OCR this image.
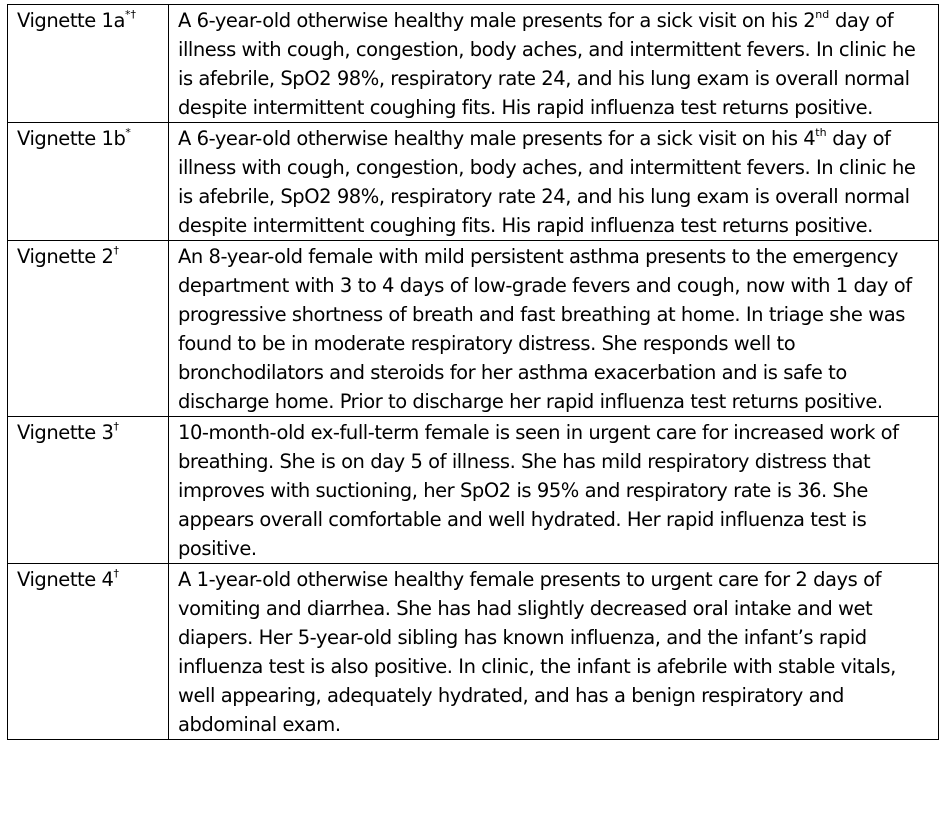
Vignette 1a*†	A 6-year-old otherwise healthy male presents for a sick visit on his 2nd day of illness with cough, congestion, body aches, and intermittent fevers. In clinic he is afebrile, SpO2 98%, respiratory rate 24, and his lung exam is overall normal despite intermittent coughing fits. His rapid influenza test returns positive.
Vignette 1b*	A 6-year-old otherwise healthy male presents for a sick visit on his 4th day of illness with cough, congestion, body aches, and intermittent fevers. In clinic he is afebrile, SpO2 98%, respiratory rate 24, and his lung exam is overall normal despite intermittent coughing fits. His rapid influenza test returns positive.
Vignette 2†	An 8-year-old female with mild persistent asthma presents to the emergency department with 3 to 4 days of low-grade fevers and cough, now with 1 day of progressive shortness of breath and fast breathing at home. In triage she was found to be in moderate respiratory distress. She responds well to bronchodilators and steroids for her asthma exacerbation and is safe to discharge home. Prior to discharge her rapid influenza test returns positive.
Vignette 3†	10-month-old ex-full-term female is seen in urgent care for increased work of breathing. She is on day 5 of illness. She has mild respiratory distress that improves with suctioning, her SpO2 is 95% and respiratory rate is 36. She appears overall comfortable and well hydrated. Her rapid influenza test is positive.
Vignette 4†	A 1-year-old otherwise healthy female presents to urgent care for 2 days of vomiting and diarrhea. She has had slightly decreased oral intake and wet diapers. Her 5-year-old sibling has known influenza, and the infant’s rapid influenza test is also positive. In clinic, the infant is afebrile with stable vitals, well appearing, adequately hydrated, and has a benign respiratory and abdominal exam.
